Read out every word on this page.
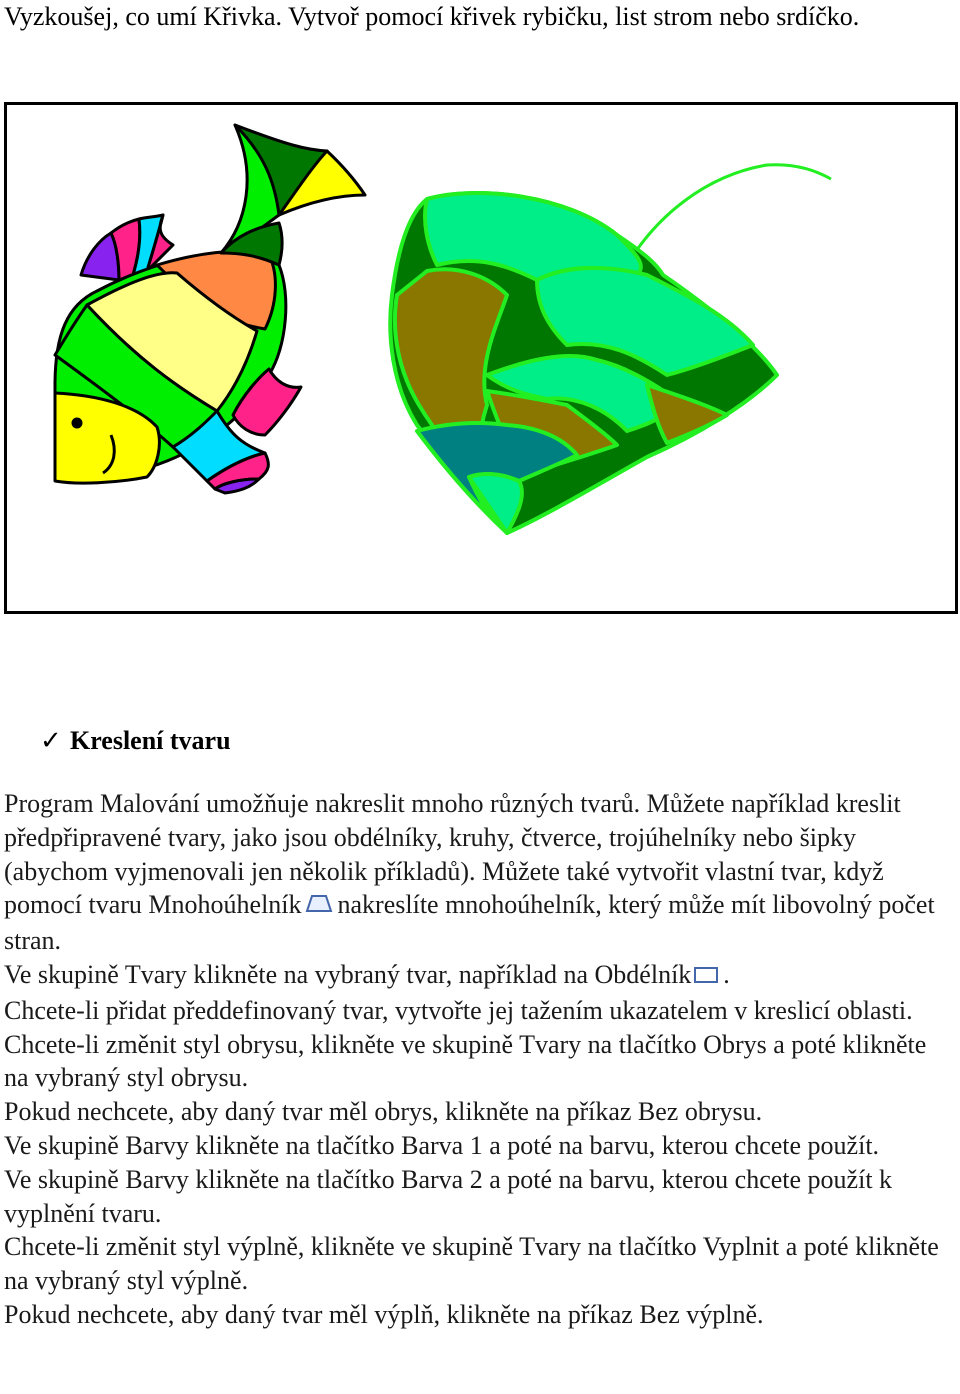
Vyzkoušej, co umí Křivka. Vytvoř pomocí křivek rybičku, list strom nebo srdíčko.
✓ Kreslení tvaru

Program Malování umožňuje nakreslit mnoho různých tvarů. Můžete například kreslit předpřipravené tvary, jako jsou obdélníky, kruhy, čtverce, trojúhelníky nebo šipky (abychom vyjmenovali jen několik příkladů). Můžete také vytvořit vlastní tvar, když pomocí tvaru Mnohoúhelník nakreslíte mnohoúhelník, který může mít libovolný počet stran.

Ve skupině Tvary klikněte na vybraný tvar, například na Obdélník .

Chcete-li přidat předdefinovaný tvar, vytvořte jej tažením ukazatelem v kreslicí oblasti.

Chcete-li změnit styl obrysu, klikněte ve skupině Tvary na tlačítko Obrys a poté klikněte na vybraný styl obrysu.

Pokud nechcete, aby daný tvar měl obrys, klikněte na příkaz Bez obrysu.

Ve skupině Barvy klikněte na tlačítko Barva 1 a poté na barvu, kterou chcete použít.

Ve skupině Barvy klikněte na tlačítko Barva 2 a poté na barvu, kterou chcete použít k vyplnění tvaru.

Chcete-li změnit styl výplně, klikněte ve skupině Tvary na tlačítko Vyplnit a poté klikněte na vybraný styl výplně.

Pokud nechcete, aby daný tvar měl výplň, klikněte na příkaz Bez výplně.
